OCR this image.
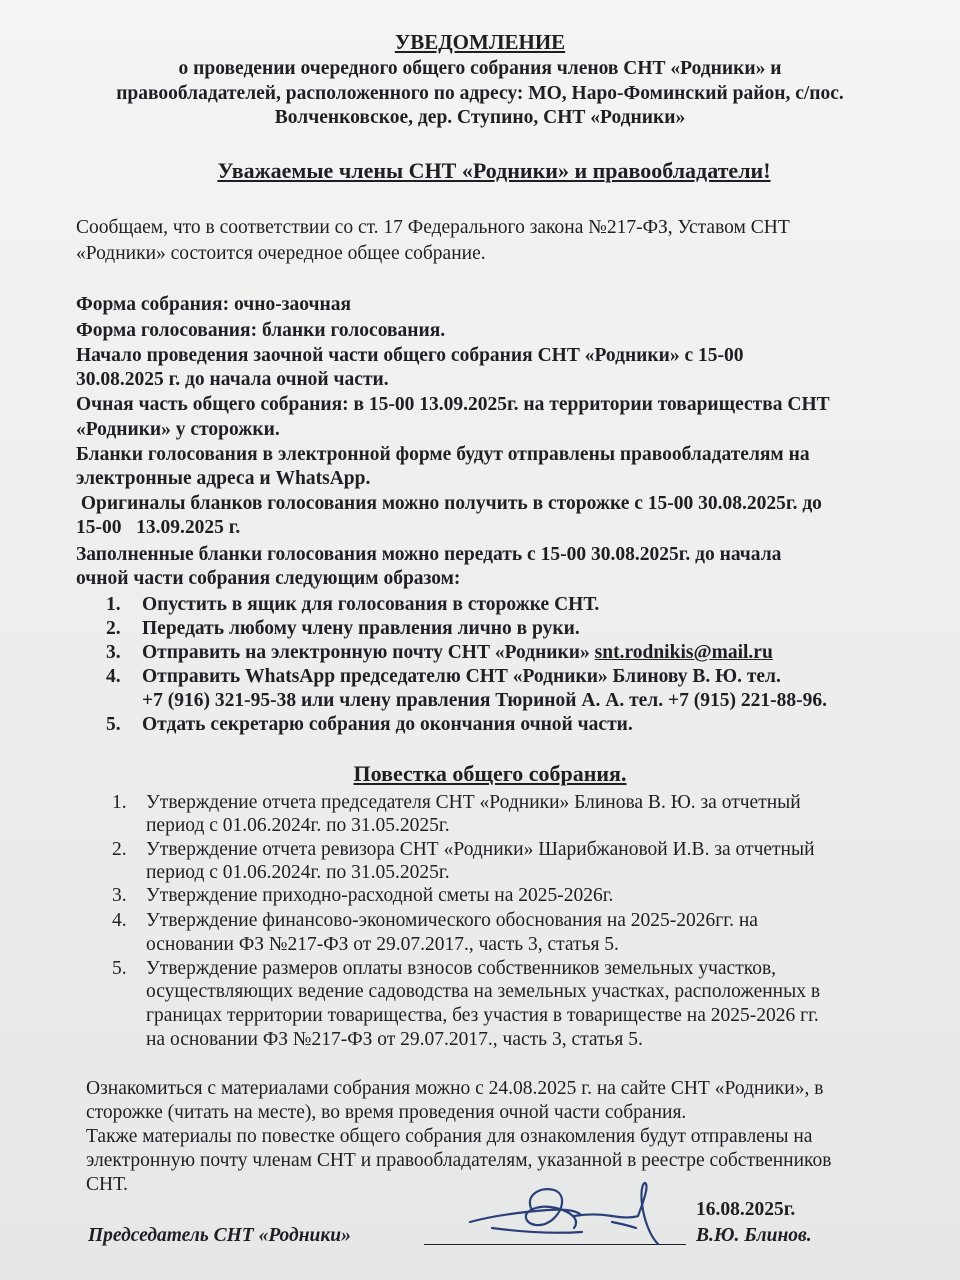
УВЕДОМЛЕНИЕ
о проведении очередного общего собрания членов СНТ «Родники» и
правообладателей, расположенного по адресу: МО, Наро-Фоминский район, с/пос.
Волченковское, дер. Ступино, СНТ «Родники»
Уважаемые члены СНТ «Родники» и правообладатели!
Сообщаем, что в соответствии со ст. 17 Федерального закона №217-ФЗ, Уставом СНТ
«Родники» состоится очередное общее собрание.
Форма собрания: очно-заочная
Форма голосования: бланки голосования.
Начало проведения заочной части общего собрания СНТ «Родники» с 15-00
30.08.2025 г. до начала очной части.
Очная часть общего собрания: в 15-00 13.09.2025г. на территории товарищества СНТ
«Родники» у сторожки.
Бланки голосования в электронной форме будут отправлены правообладателям на
электронные адреса и WhatsApp.
Оригиналы бланков голосования можно получить в сторожке с 15-00 30.08.2025г. до
15-00   13.09.2025 г.
Заполненные бланки голосования можно передать с 15-00 30.08.2025г. до начала
очной части собрания следующим образом:
1. Опустить в ящик для голосования в сторожке СНТ.
2. Передать любому члену правления лично в руки.
3. Отправить на электронную почту СНТ «Родники» snt.rodnikis@mail.ru
4. Отправить WhatsApp председателю СНТ «Родники» Блинову В. Ю. тел.
+7 (916) 321-95-38 или члену правления Тюриной А. А. тел. +7 (915) 221-88-96.
5. Отдать секретарю собрания до окончания очной части.
Повестка общего собрания.
1. Утверждение отчета председателя СНТ «Родники» Блинова В. Ю. за отчетный
период с 01.06.2024г. по 31.05.2025г.
2. Утверждение отчета ревизора СНТ «Родники» Шарибжановой И.В. за отчетный
период с 01.06.2024г. по 31.05.2025г.
3. Утверждение приходно-расходной сметы на 2025-2026г.
4. Утверждение финансово-экономического обоснования на 2025-2026гг. на
основании ФЗ №217-ФЗ от 29.07.2017., часть 3, статья 5.
5. Утверждение размеров оплаты взносов собственников земельных участков,
осуществляющих ведение садоводства на земельных участках, расположенных в
границах территории товарищества, без участия в товариществе на 2025-2026 гг.
на основании ФЗ №217-ФЗ от 29.07.2017., часть 3, статья 5.
Ознакомиться с материалами собрания можно с 24.08.2025 г. на сайте СНТ «Родники», в
сторожке (читать на месте), во время проведения очной части собрания.
Также материалы по повестке общего собрания для ознакомления будут отправлены на
электронную почту членам СНТ и правообладателям, указанной в реестре собственников
СНТ.
16.08.2025г.
Председатель СНТ «Родники»	В.Ю. Блинов.
